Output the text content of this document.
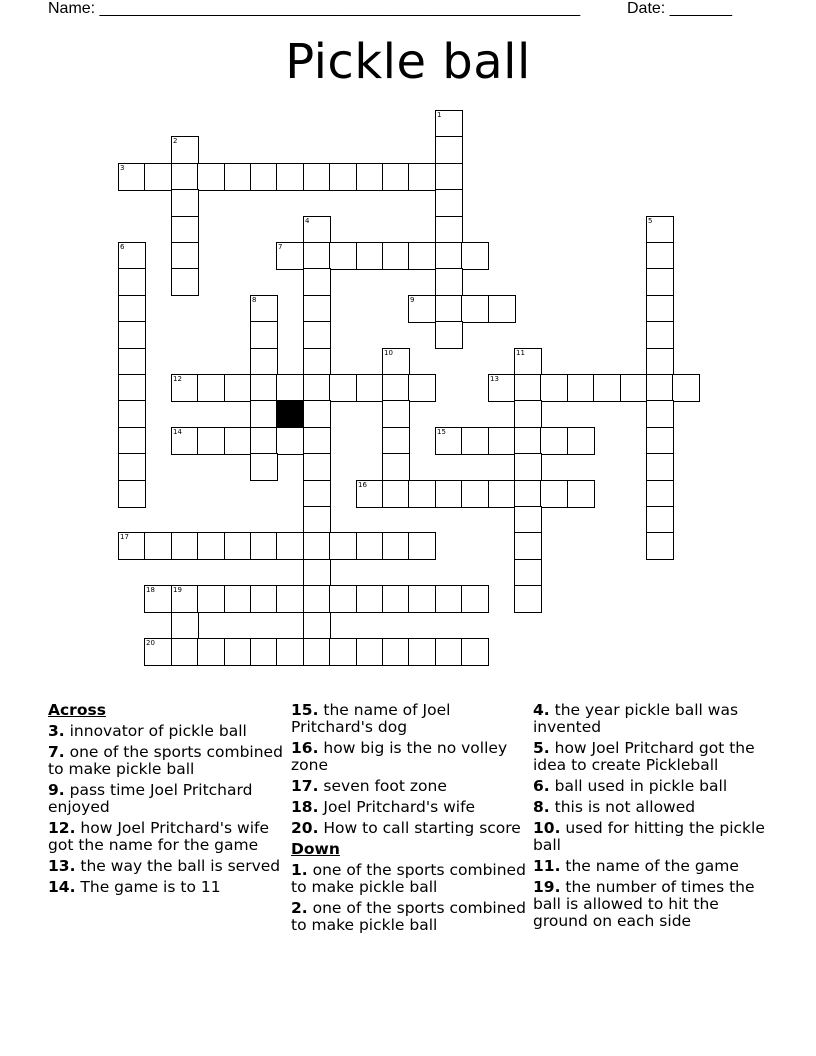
Name: ______________________________________________________	Date: _______
Pickle ball
1
2
3
4	5
6	7
8	9
10	11
12	13
14	15
16
17
18	19
20
Across
3. innovator of pickle ball
7. one of the sports combined to make pickle ball
9. pass time Joel Pritchard enjoyed
12. how Joel Pritchard's wife got the name for the game
13. the way the ball is served
14. The game is to 11
15. the name of Joel Pritchard's dog
16. how big is the no volley zone
17. seven foot zone
18. Joel Pritchard's wife
20. How to call starting score
Down
1. one of the sports combined to make pickle ball
2. one of the sports combined to make pickle ball
4. the year pickle ball was invented
5. how Joel Pritchard got the idea to create Pickleball
6. ball used in pickle ball
8. this is not allowed
10. used for hitting the pickle ball
11. the name of the game
19. the number of times the ball is allowed to hit the ground on each side
